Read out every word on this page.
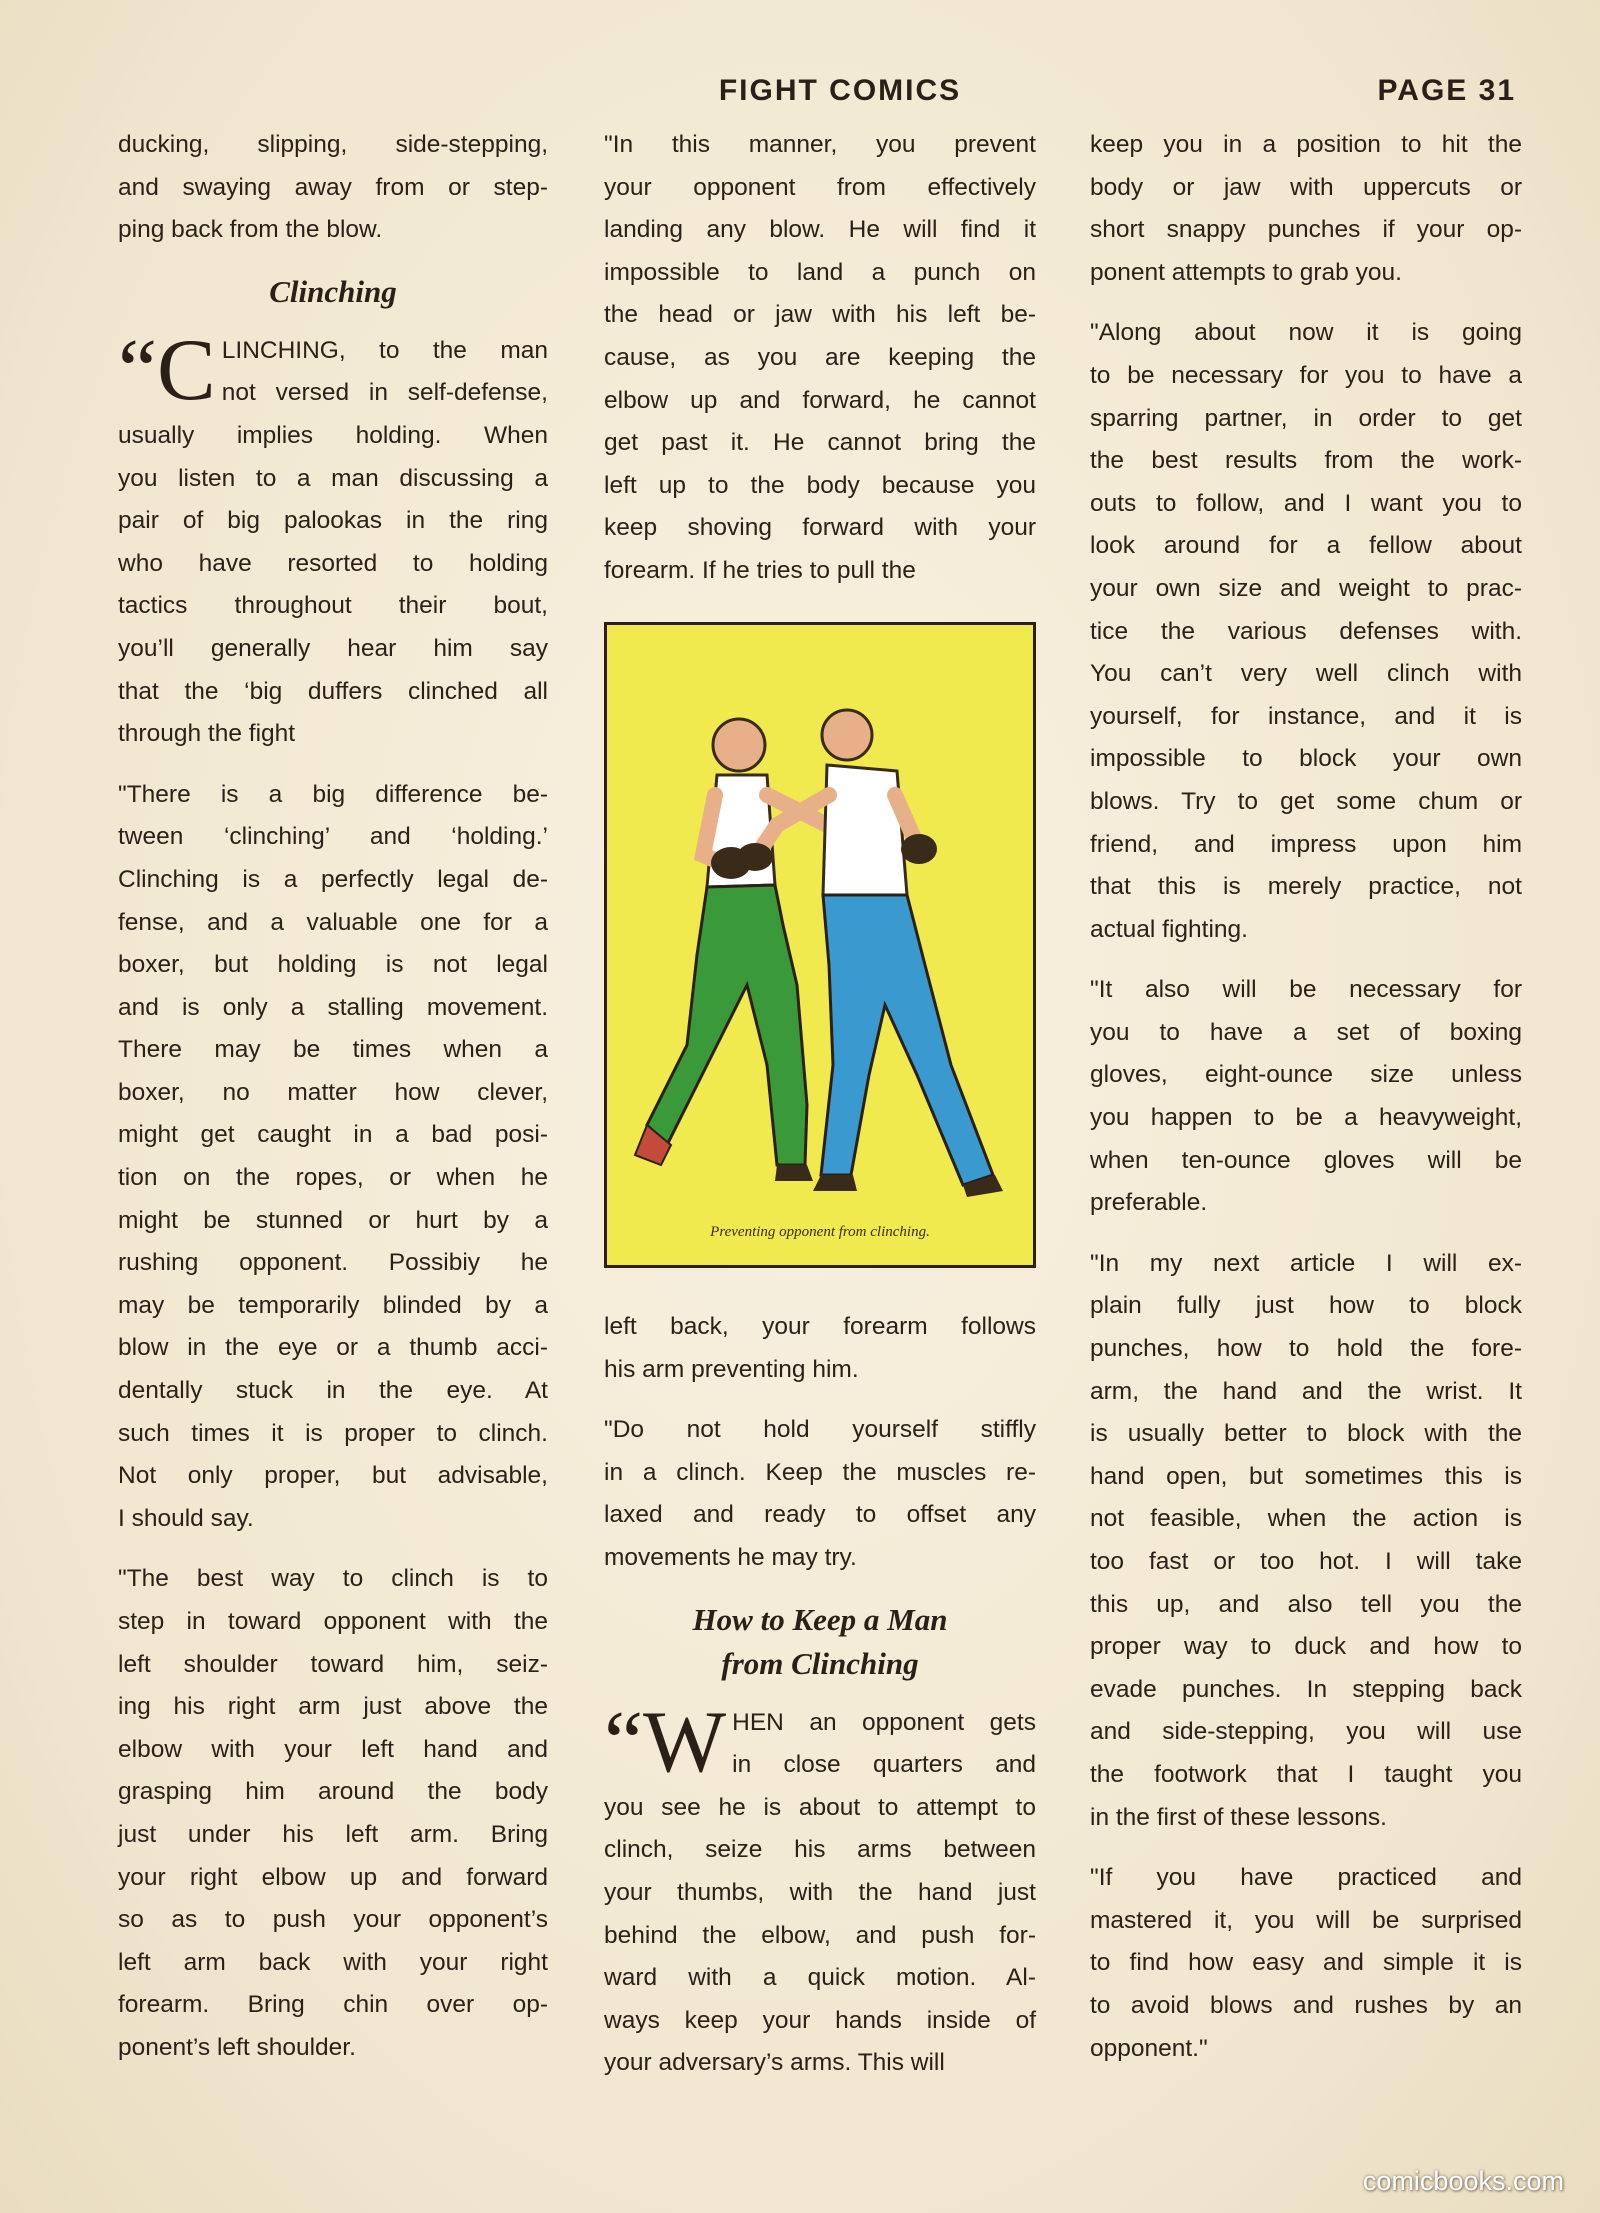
FIGHT COMICS	PAGE 31

ducking, slipping, side-stepping,
and swaying away from or step-
ping back from the blow.

Clinching

“C LINCHING, to the man
not versed in self-defense,
usually implies holding. When
you listen to a man discussing a
pair of big palookas in the ring
who have resorted to holding
tactics throughout their bout,
you’ll generally hear him say
that the ‘big duffers clinched all
through the fight

"There is a big difference be-
tween ‘clinching’ and ‘holding.’
Clinching is a perfectly legal de-
fense, and a valuable one for a
boxer, but holding is not legal
and is only a stalling movement.
There may be times when a
boxer, no matter how clever,
might get caught in a bad posi-
tion on the ropes, or when he
might be stunned or hurt by a
rushing opponent. Possibiy he
may be temporarily blinded by a
blow in the eye or a thumb acci-
dentally stuck in the eye. At
such times it is proper to clinch.
Not only proper, but advisable,
I should say.

"The best way to clinch is to
step in toward opponent with the
left shoulder toward him, seiz-
ing his right arm just above the
elbow with your left hand and
grasping him around the body
just under his left arm. Bring
your right elbow up and forward
so as to push your opponent’s
left arm back with your right
forearm. Bring chin over op-
ponent’s left shoulder.

"In this manner, you prevent
your opponent from effectively
landing any blow. He will find it
impossible to land a punch on
the head or jaw with his left be-
cause, as you are keeping the
elbow up and forward, he cannot
get past it. He cannot bring the
left up to the body because you
keep shoving forward with your
forearm. If he tries to pull the

Preventing opponent from clinching.

left back, your forearm follows
his arm preventing him.

"Do not hold yourself stiffly
in a clinch. Keep the muscles re-
laxed and ready to offset any
movements he may try.

How to Keep a Man
from Clinching

“W HEN an opponent gets
in close quarters and
you see he is about to attempt to
clinch, seize his arms between
your thumbs, with the hand just
behind the elbow, and push for-
ward with a quick motion. Al-
ways keep your hands inside of
your adversary’s arms. This will

keep you in a position to hit the
body or jaw with uppercuts or
short snappy punches if your op-
ponent attempts to grab you.

"Along about now it is going
to be necessary for you to have a
sparring partner, in order to get
the best results from the work-
outs to follow, and I want you to
look around for a fellow about
your own size and weight to prac-
tice the various defenses with.
You can’t very well clinch with
yourself, for instance, and it is
impossible to block your own
blows. Try to get some chum or
friend, and impress upon him
that this is merely practice, not
actual fighting.

"It also will be necessary for
you to have a set of boxing
gloves, eight-ounce size unless
you happen to be a heavyweight,
when ten-ounce gloves will be
preferable.

"In my next article I will ex-
plain fully just how to block
punches, how to hold the fore-
arm, the hand and the wrist. It
is usually better to block with the
hand open, but sometimes this is
not feasible, when the action is
too fast or too hot. I will take
this up, and also tell you the
proper way to duck and how to
evade punches. In stepping back
and side-stepping, you will use
the footwork that I taught you
in the first of these lessons.

"If you have practiced and
mastered it, you will be surprised
to find how easy and simple it is
to avoid blows and rushes by an
opponent."

comicbooks.com
